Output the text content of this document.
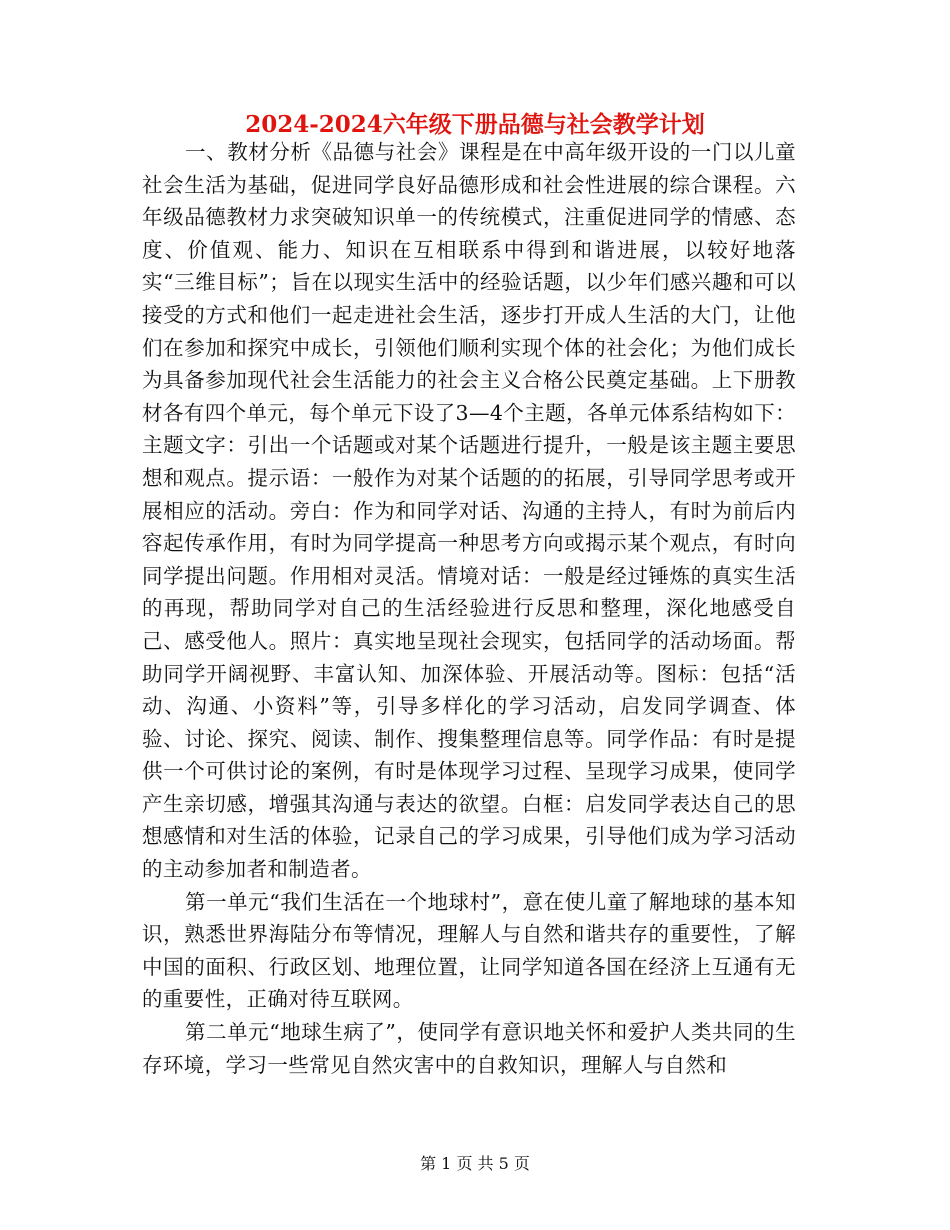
2024-2024六年级下册品德与社会教学计划

一、教材分析《品德与社会》课程是在中高年级开设的一门以儿童社会生活为基础，促进同学良好品德形成和社会性进展的综合课程。六年级品德教材力求突破知识单一的传统模式，注重促进同学的情感、态度、价值观、能力、知识在互相联系中得到和谐进展，以较好地落实“三维目标”；旨在以现实生活中的经验话题，以少年们感兴趣和可以接受的方式和他们一起走进社会生活，逐步打开成人生活的大门，让他们在参加和探究中成长，引领他们顺利实现个体的社会化；为他们成长为具备参加现代社会生活能力的社会主义合格公民奠定基础。上下册教材各有四个单元，每个单元下设了3—4个主题，各单元体系结构如下：主题文字：引出一个话题或对某个话题进行提升，一般是该主题主要思想和观点。提示语：一般作为对某个话题的的拓展，引导同学思考或开展相应的活动。旁白：作为和同学对话、沟通的主持人，有时为前后内容起传承作用，有时为同学提高一种思考方向或揭示某个观点，有时向同学提出问题。作用相对灵活。情境对话：一般是经过锤炼的真实生活的再现，帮助同学对自己的生活经验进行反思和整理，深化地感受自己、感受他人。照片：真实地呈现社会现实，包括同学的活动场面。帮助同学开阔视野、丰富认知、加深体验、开展活动等。图标：包括“活动、沟通、小资料”等，引导多样化的学习活动，启发同学调查、体验、讨论、探究、阅读、制作、搜集整理信息等。同学作品：有时是提供一个可供讨论的案例，有时是体现学习过程、呈现学习成果，使同学产生亲切感，增强其沟通与表达的欲望。白框：启发同学表达自己的思想感情和对生活的体验，记录自己的学习成果，引导他们成为学习活动的主动参加者和制造者。

第一单元“我们生活在一个地球村”，意在使儿童了解地球的基本知识，熟悉世界海陆分布等情况，理解人与自然和谐共存的重要性，了解中国的面积、行政区划、地理位置，让同学知道各国在经济上互通有无的重要性，正确对待互联网。

第二单元“地球生病了”，使同学有意识地关怀和爱护人类共同的生存环境，学习一些常见自然灾害中的自救知识，理解人与自然和

第 1 页 共 5 页
